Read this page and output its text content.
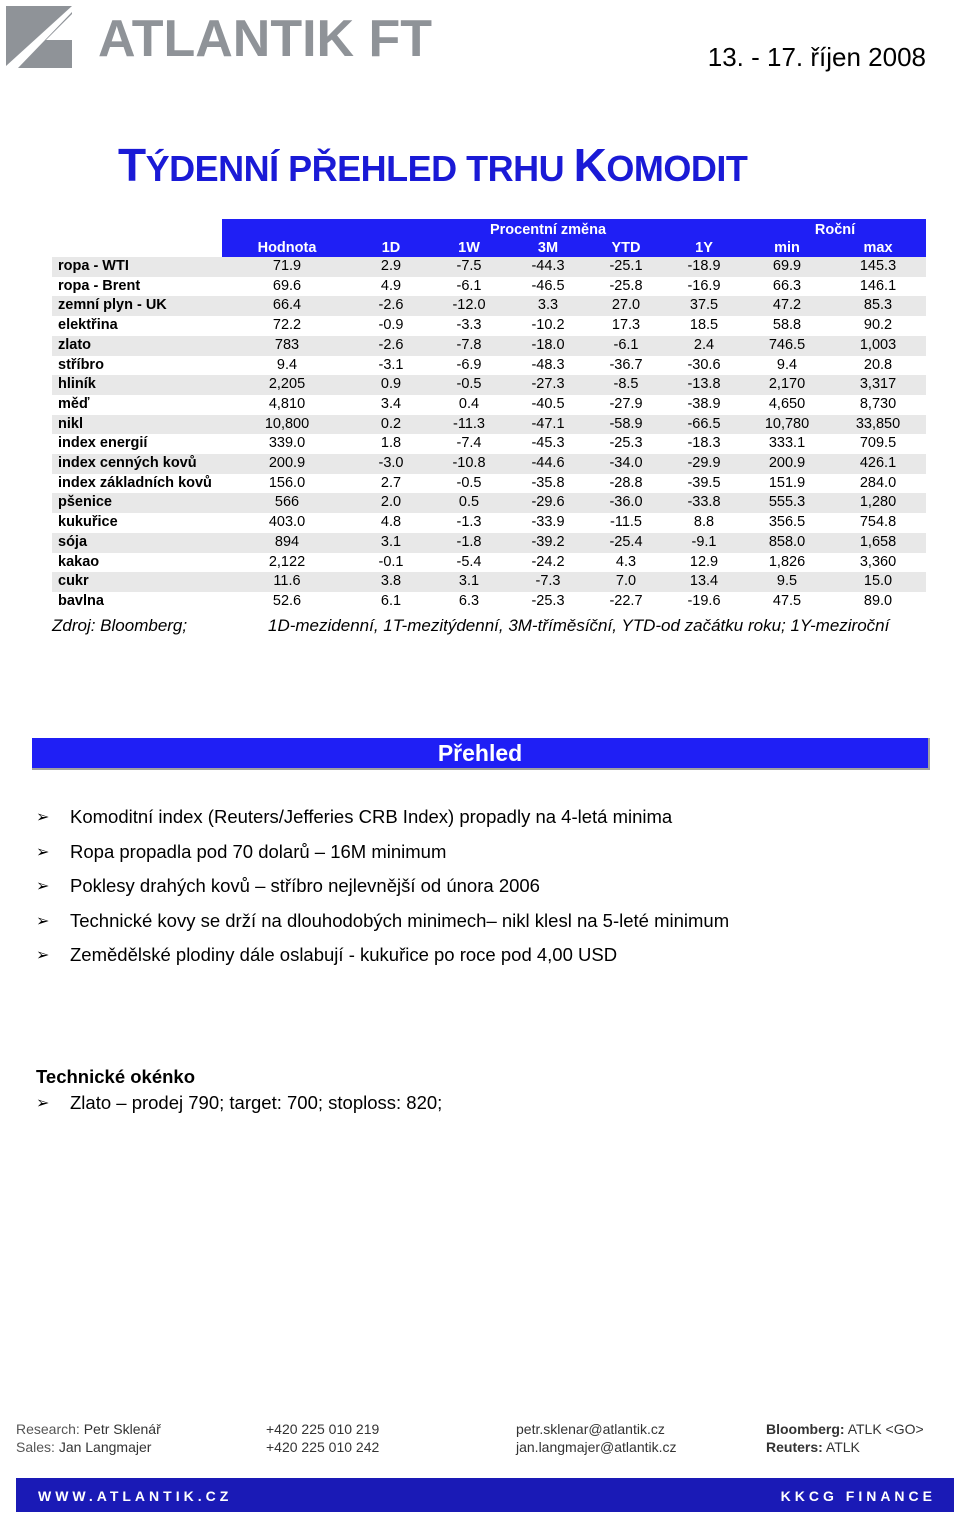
ATLANTIK FT	13. - 17. říjen 2008
TÝDENNÍ PŘEHLED TRHU KOMODIT
		Procentní změna					Roční	
	Hodnota	1D	1W	3M	YTD	1Y	min	max
ropa - WTI	71.9	2.9	-7.5	-44.3	-25.1	-18.9	69.9	145.3
ropa - Brent	69.6	4.9	-6.1	-46.5	-25.8	-16.9	66.3	146.1
zemní plyn - UK	66.4	-2.6	-12.0	3.3	27.0	37.5	47.2	85.3
elektřina	72.2	-0.9	-3.3	-10.2	17.3	18.5	58.8	90.2
zlato	783	-2.6	-7.8	-18.0	-6.1	2.4	746.5	1,003
stříbro	9.4	-3.1	-6.9	-48.3	-36.7	-30.6	9.4	20.8
hliník	2,205	0.9	-0.5	-27.3	-8.5	-13.8	2,170	3,317
měď	4,810	3.4	0.4	-40.5	-27.9	-38.9	4,650	8,730
nikl	10,800	0.2	-11.3	-47.1	-58.9	-66.5	10,780	33,850
index energií	339.0	1.8	-7.4	-45.3	-25.3	-18.3	333.1	709.5
index cenných kovů	200.9	-3.0	-10.8	-44.6	-34.0	-29.9	200.9	426.1
index základních kovů	156.0	2.7	-0.5	-35.8	-28.8	-39.5	151.9	284.0
pšenice	566	2.0	0.5	-29.6	-36.0	-33.8	555.3	1,280
kukuřice	403.0	4.8	-1.3	-33.9	-11.5	8.8	356.5	754.8
sója	894	3.1	-1.8	-39.2	-25.4	-9.1	858.0	1,658
kakao	2,122	-0.1	-5.4	-24.2	4.3	12.9	1,826	3,360
cukr	11.6	3.8	3.1	-7.3	7.0	13.4	9.5	15.0
bavlna	52.6	6.1	6.3	-25.3	-22.7	-19.6	47.5	89.0
Zdroj: Bloomberg;	1D-mezidenní, 1T-mezitýdenní, 3M-tříměsíční, YTD-od začátku roku; 1Y-meziroční
Přehled
➢	Komoditní index (Reuters/Jefferies CRB Index) propadly na 4-letá minima
➢	Ropa propadla pod 70 dolarů – 16M minimum
➢	Poklesy drahých kovů – stříbro nejlevnější od února 2006
➢	Technické kovy se drží na dlouhodobých minimech– nikl klesl na 5-leté minimum
➢	Zemědělské plodiny dále oslabují - kukuřice po roce pod 4,00 USD
Technické okénko
➢	Zlato – prodej 790; target: 700; stoploss: 820;
Research: Petr Sklenář	+420 225 010 219	petr.sklenar@atlantik.cz	Bloomberg: ATLK <GO>
Sales: Jan Langmajer	+420 225 010 242	jan.langmajer@atlantik.cz	Reuters: ATLK
WWW.ATLANTIK.CZ	KKCG FINANCE
